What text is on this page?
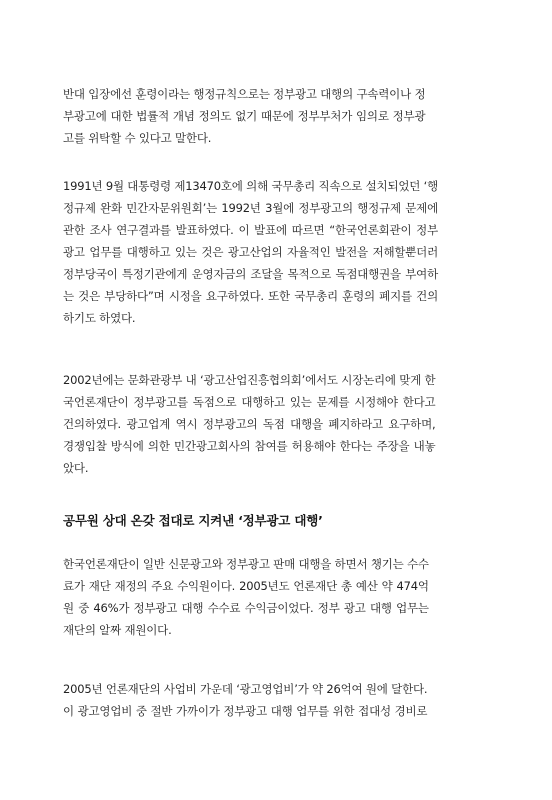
반대 입장에선 훈령이라는 행정규칙으로는 정부광고 대행의 구속력이나 정
부광고에 대한 법률적 개념 정의도 없기 때문에 정부부처가 임의로 정부광
고를 위탁할 수 있다고 말한다.
1991년 9월 대통령령 제13470호에 의해 국무총리 직속으로 설치되었던 ‘행
정규제 완화 민간자문위원회’는 1992년 3월에 정부광고의 행정규제 문제에
관한 조사 연구결과를 발표하였다. 이 발표에 따르면 “한국언론회관이 정부
광고 업무를 대행하고 있는 것은 광고산업의 자율적인 발전을 저해할뿐더러
정부당국이 특정기관에게 운영자금의 조달을 목적으로 독점대행권을 부여하
는 것은 부당하다”며 시정을 요구하였다. 또한 국무총리 훈령의 폐지를 건의
하기도 하였다.
2002년에는 문화관광부 내 ‘광고산업진흥협의회’에서도 시장논리에 맞게 한
국언론재단이 정부광고를 독점으로 대행하고 있는 문제를 시정해야 한다고
건의하였다. 광고업계 역시 정부광고의 독점 대행을 폐지하라고 요구하며,
경쟁입찰 방식에 의한 민간광고회사의 참여를 허용해야 한다는 주장을 내놓
았다.
공무원 상대 온갖 접대로 지켜낸 ‘정부광고 대행’
한국언론재단이 일반 신문광고와 정부광고 판매 대행을 하면서 챙기는 수수
료가 재단 재정의 주요 수익원이다. 2005년도 언론재단 총 예산 약 474억
원 중 46%가 정부광고 대행 수수료 수익금이었다. 정부 광고 대행 업무는
재단의 알짜 재원이다.
2005년 언론재단의 사업비 가운데 ‘광고영업비’가 약 26억여 원에 달한다.
이 광고영업비 중 절반 가까이가 정부광고 대행 업무를 위한 접대성 경비로
